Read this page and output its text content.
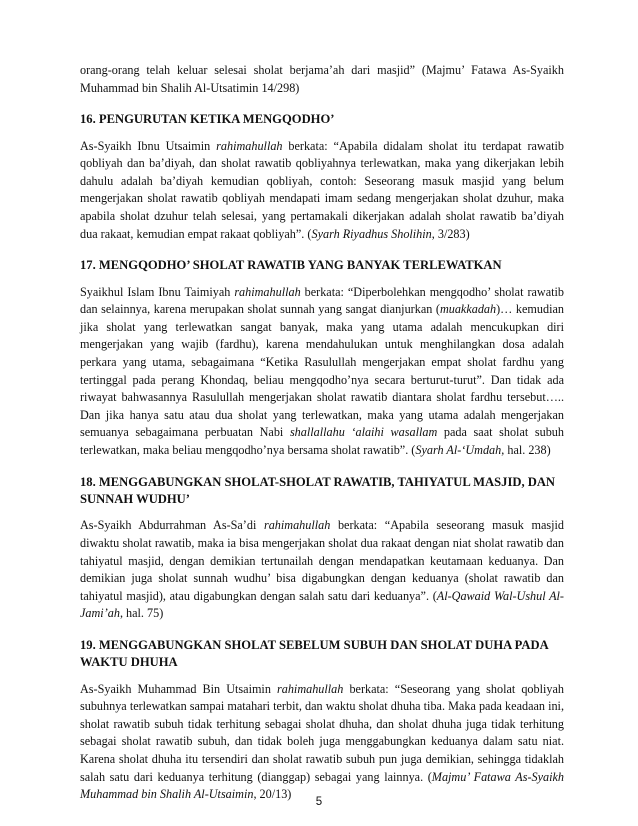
orang-orang telah keluar selesai sholat berjama’ah dari masjid” (Majmu’ Fatawa As-Syaikh Muhammad bin Shalih Al-Utsatimin 14/298)

16. PENGURUTAN KETIKA MENGQODHO’

As-Syaikh Ibnu Utsaimin rahimahullah berkata: “Apabila didalam sholat itu terdapat rawatib qobliyah dan ba’diyah, dan sholat rawatib qobliyahnya terlewatkan, maka yang dikerjakan lebih dahulu adalah ba’diyah kemudian qobliyah, contoh: Seseorang masuk masjid yang belum mengerjakan sholat rawatib qobliyah mendapati imam sedang mengerjakan sholat dzuhur, maka apabila sholat dzuhur telah selesai, yang pertamakali dikerjakan adalah sholat rawatib ba’diyah dua rakaat, kemudian empat rakaat qobliyah”. (Syarh Riyadhus Sholihin, 3/283)

17. MENGQODHO’ SHOLAT RAWATIB YANG BANYAK TERLEWATKAN

Syaikhul Islam Ibnu Taimiyah rahimahullah berkata: “Diperbolehkan mengqodho’ sholat rawatib dan selainnya, karena merupakan sholat sunnah yang sangat dianjurkan (muakkadah)… kemudian jika sholat yang terlewatkan sangat banyak, maka yang utama adalah mencukupkan diri mengerjakan yang wajib (fardhu), karena mendahulukan untuk menghilangkan dosa adalah perkara yang utama, sebagaimana “Ketika Rasulullah mengerjakan empat sholat fardhu yang tertinggal pada perang Khondaq, beliau mengqodho’nya secara berturut-turut”. Dan tidak ada riwayat bahwasannya Rasulullah mengerjakan sholat rawatib diantara sholat fardhu tersebut….. Dan jika hanya satu atau dua sholat yang terlewatkan, maka yang utama adalah mengerjakan semuanya sebagaimana perbuatan Nabi shallallahu ‘alaihi wasallam pada saat sholat subuh terlewatkan, maka beliau mengqodho’nya bersama sholat rawatib”. (Syarh Al-‘Umdah, hal. 238)

18. MENGGABUNGKAN SHOLAT-SHOLAT RAWATIB, TAHIYATUL MASJID, DAN SUNNAH WUDHU’

As-Syaikh Abdurrahman As-Sa’di rahimahullah berkata: “Apabila seseorang masuk masjid diwaktu sholat rawatib, maka ia bisa mengerjakan sholat dua rakaat dengan niat sholat rawatib dan tahiyatul masjid, dengan demikian tertunailah dengan mendapatkan keutamaan keduanya. Dan demikian juga sholat sunnah wudhu’ bisa digabungkan dengan keduanya (sholat rawatib dan tahiyatul masjid), atau digabungkan dengan salah satu dari keduanya”. (Al-Qawaid Wal-Ushul Al-Jami’ah, hal. 75)

19. MENGGABUNGKAN SHOLAT SEBELUM SUBUH DAN SHOLAT DUHA PADA WAKTU DHUHA

As-Syaikh Muhammad Bin Utsaimin rahimahullah berkata: “Seseorang yang sholat qobliyah subuhnya terlewatkan sampai matahari terbit, dan waktu sholat dhuha tiba. Maka pada keadaan ini, sholat rawatib subuh tidak terhitung sebagai sholat dhuha, dan sholat dhuha juga tidak terhitung sebagai sholat rawatib subuh, dan tidak boleh juga menggabungkan keduanya dalam satu niat. Karena sholat dhuha itu tersendiri dan sholat rawatib subuh pun juga demikian, sehingga tidaklah salah satu dari keduanya terhitung (dianggap) sebagai yang lainnya. (Majmu’ Fatawa As-Syaikh Muhammad bin Shalih Al-Utsaimin, 20/13)

5
